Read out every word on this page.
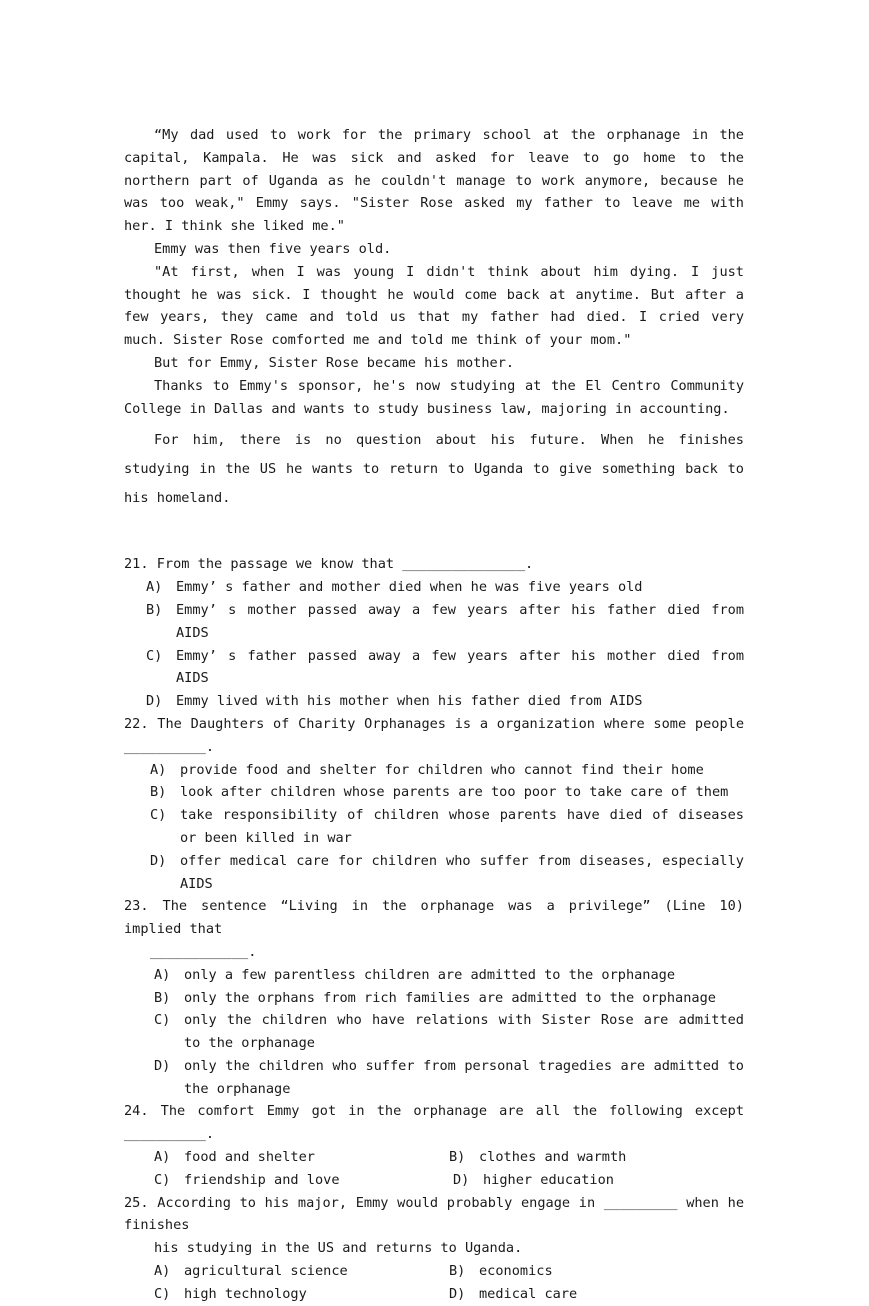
“My dad used to work for the primary school at the orphanage in the capital, Kampala. He was sick and asked for leave to go home to the northern part of Uganda as he couldn't manage to work anymore, because he was too weak," Emmy says. "Sister Rose asked my father to leave me with her. I think she liked me."

Emmy was then five years old.

"At first, when I was young I didn't think about him dying. I just thought he was sick. I thought he would come back at anytime. But after a few years, they came and told us that my father had died. I cried very much. Sister Rose comforted me and told me think of your mom."

But for Emmy, Sister Rose became his mother.

Thanks to Emmy's sponsor, he's now studying at the El Centro Community College in Dallas and wants to study business law, majoring in accounting.

For him, there is no question about his future. When he finishes studying in the US he wants to return to Uganda to give something back to his homeland.

21. From the passage we know that _______________.

A)	Emmy’ s father and mother died when he was five years old
B)	Emmy’ s mother passed away a few years after his father died from AIDS
C)	Emmy’ s father passed away a few years after his mother died from AIDS
D)	Emmy lived with his mother when his father died from AIDS

22. The Daughters of Charity Orphanages is a organization where some people __________.

A)	provide food and shelter for children who cannot find their home
B)	look after children whose parents are too poor to take care of them
C)	take responsibility of children whose parents have died of diseases or been killed in war
D)	offer medical care for children who suffer from diseases, especially AIDS

23. The sentence “Living in the orphanage was a privilege” (Line 10) implied that

____________.

A)	only a few parentless children are admitted to the orphanage
B)	only the orphans from rich families are admitted to the orphanage
C)	only the children who have relations with Sister Rose are admitted to the orphanage
D)	only the children who suffer from personal tragedies are admitted to the orphanage

24. The comfort Emmy got in the orphanage are all the following except __________.

A)	food and shelter	B)	clothes and warmth
C)	friendship and love	D)	higher education

25. According to his major, Emmy would probably engage in _________ when he finishes

his studying in the US and returns to Uganda.

A)	agricultural science	B)	economics
C)	high technology	D)	medical care
